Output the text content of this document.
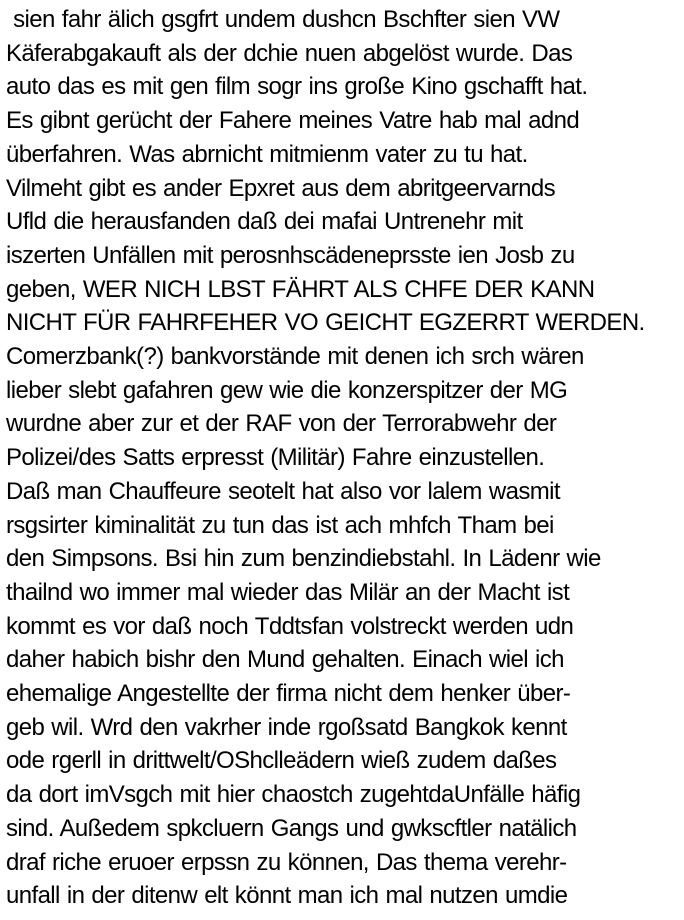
sien fahr älich gsgfrt undem dushcn Bschfter sien VW
Käferabgakauft als der dchie nuen abgelöst wurde. Das
auto das es mit gen film sogr ins große Kino gschafft hat.
Es gibnt gerücht der Fahere meines Vatre hab mal adnd
überfahren. Was abrnicht mitmienm vater zu tu hat.
Vilmeht gibt es ander Epxret aus dem abritgeervarnds
Ufld die herausfanden daß dei mafai Untrenehr mit
iszerten Unfällen mit perosnhscädeneprsste ien Josb zu
geben, WER NICH LBST FÄHRT ALS CHFE DER KANN
NICHT FÜR FAHRFEHER VO GEICHT EGZERRT WERDEN.
Comerzbank(?) bankvorstände mit denen ich srch wären
lieber slebt gafahren gew wie die konzerspitzer der MG
wurdne aber zur et der RAF von der Terrorabwehr der
Polizei/des Satts erpresst (Militär) Fahre einzustellen.
Daß man Chauffeure seotelt hat also vor lalem wasmit
rsgsirter kiminalität zu tun das ist ach mhfch Tham bei
den Simpsons. Bsi hin zum benzindiebstahl. In Lädenr wie
thailnd wo immer mal wieder das Milär an der Macht ist
kommt es vor daß noch Tddtsfan volstreckt werden udn
daher habich bishr den Mund gehalten. Einach wiel ich
ehemalige Angestellte der firma nicht dem henker über-
geb wil. Wrd den vakrher inde rgoßsatd Bangkok kennt
ode rgerll in drittwelt/OShclleädern wieß zudem daßes
da dort imVsgch mit hier chaostch zugehtdaUnfälle häfig
sind. Außedem spkcluern Gangs und gwkscftler natälich
draf riche eruoer erpssn zu können, Das thema verehr-
unfall in der ditenw elt könnt man ich mal nutzen umdie
